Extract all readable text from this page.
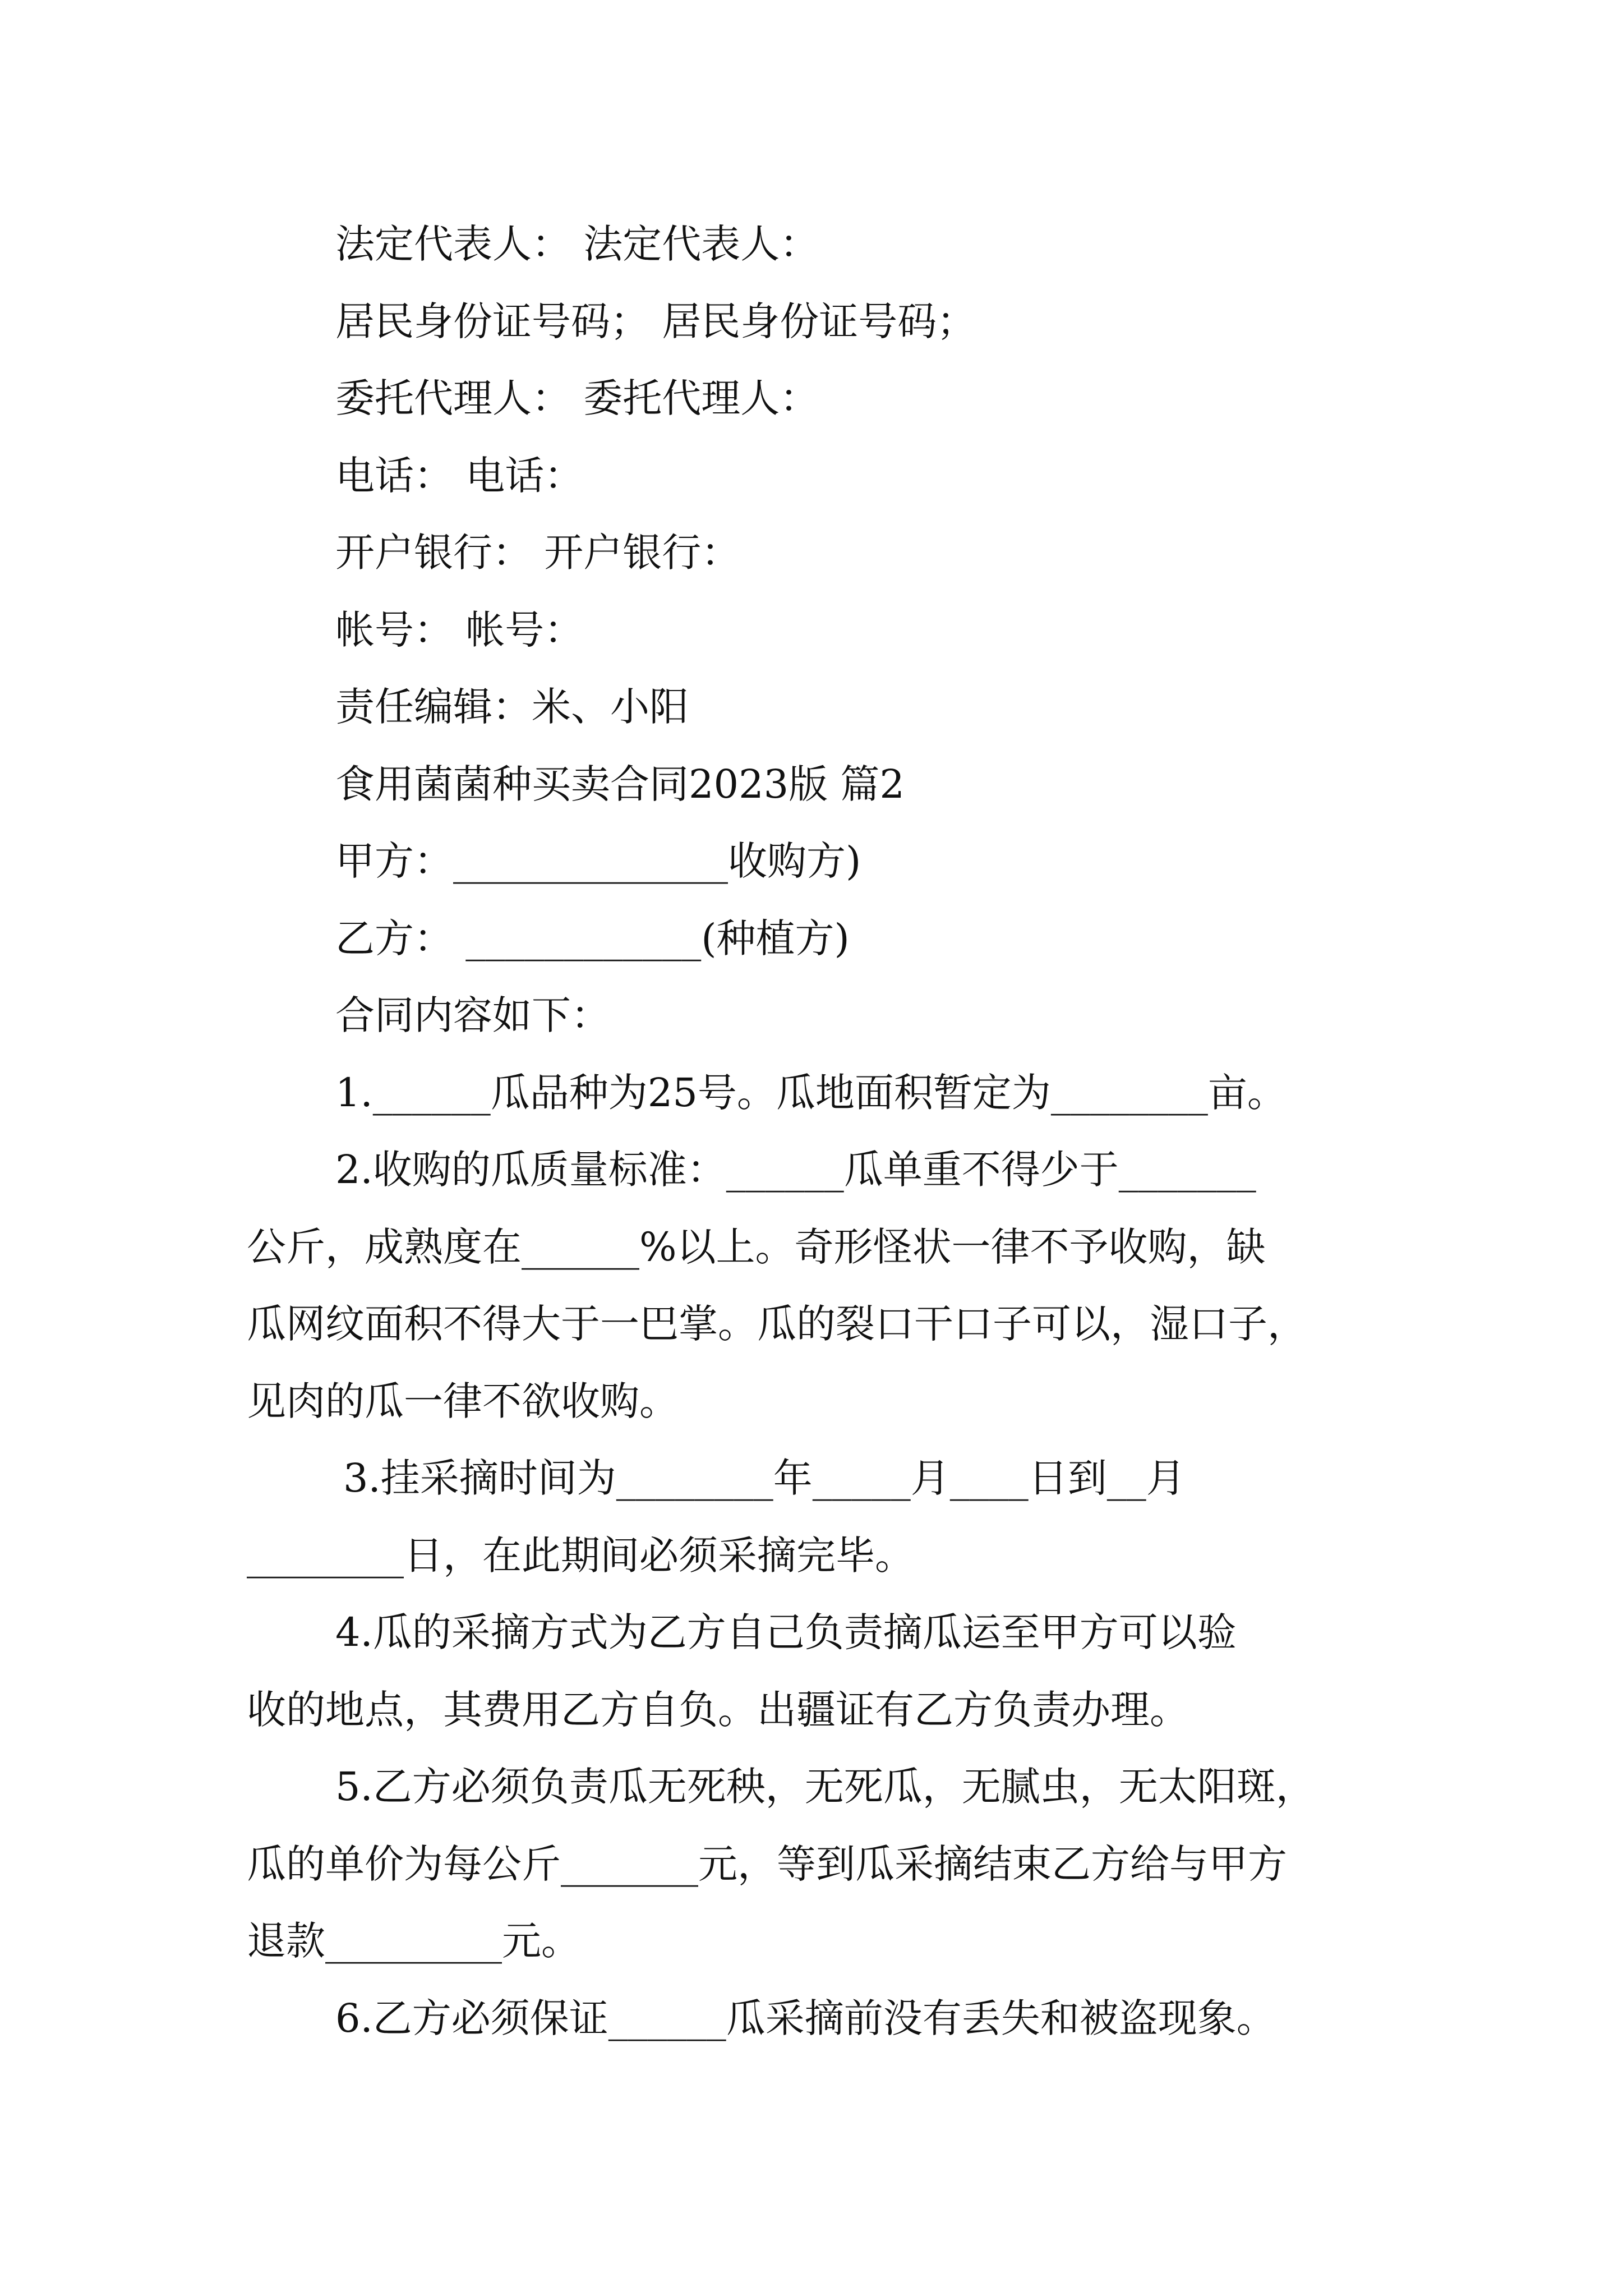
法定代表人： 法定代表人：

居民身份证号码； 居民身份证号码；

委托代理人： 委托代理人：

电话： 电话：

开户银行： 开户银行：

帐号： 帐号：

责任编辑：米、小阳

食用菌菌种买卖合同2023版 篇2

甲方：______________收购方)

乙方： ____________(种植方)

合同内容如下：

1.______瓜品种为25号。瓜地面积暂定为________亩。

2.收购的瓜质量标准：______瓜单重不得少于_______

公斤，成熟度在______%以上。奇形怪状一律不予收购，缺

瓜网纹面积不得大于一巴掌。瓜的裂口干口子可以，湿口子，

见肉的瓜一律不欲收购。

3.挂采摘时间为________年_____月____日到__月

________日，在此期间必须采摘完毕。

4.瓜的采摘方式为乙方自己负责摘瓜运至甲方可以验

收的地点，其费用乙方自负。出疆证有乙方负责办理。

5.乙方必须负责瓜无死秧，无死瓜，无腻虫，无太阳斑，

瓜的单价为每公斤_______元，等到瓜采摘结束乙方给与甲方

退款_________元。

6.乙方必须保证______瓜采摘前没有丢失和被盗现象。
